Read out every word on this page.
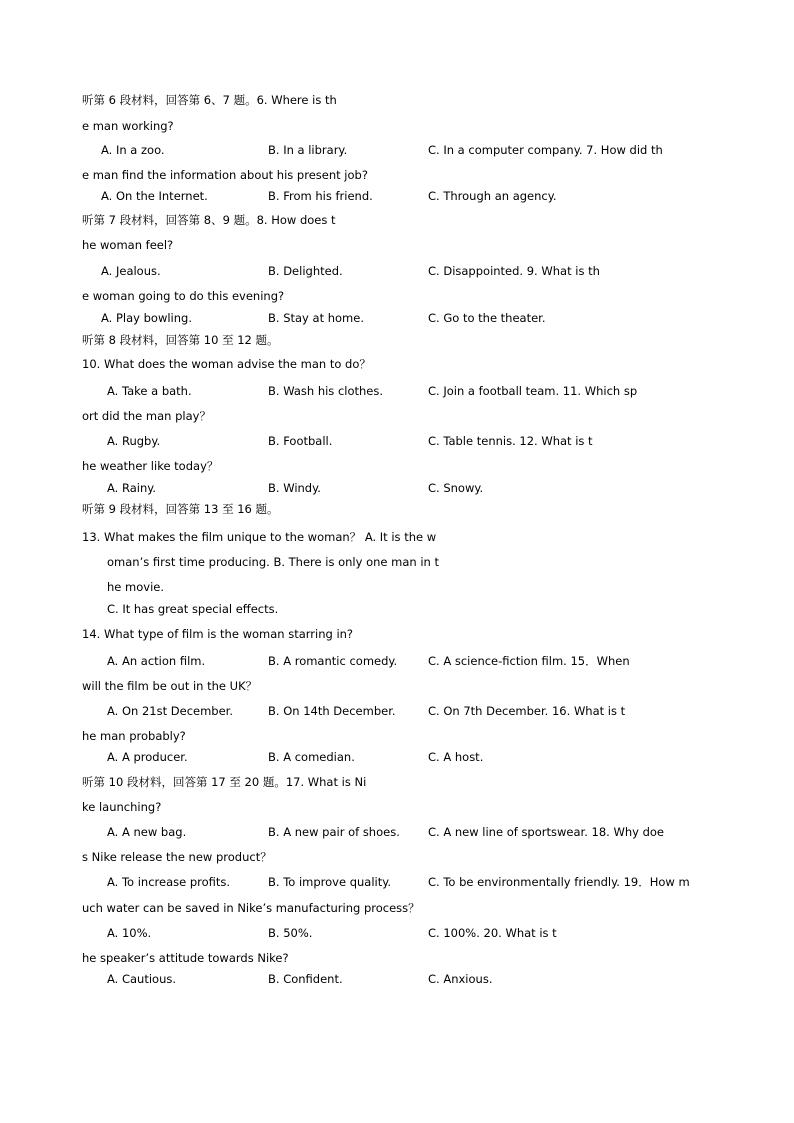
听第 6 段材料，回答第 6、7 题。6. Where is th
e man working?
A. In a zoo.	B. In a library.	C. In a computer company. 7. How did th
e man find the information about his present job?
A. On the Internet.	B. From his friend.	C. Through an agency.
听第 7 段材料，回答第 8、9 题。8. How does t
he woman feel?
A. Jealous.	B. Delighted.	C. Disappointed. 9. What is th
e woman going to do this evening?
A. Play bowling.	B. Stay at home.	C. Go to the theater.
听第 8 段材料，回答第 10 至 12 题。
10. What does the woman advise the man to do？
A. Take a bath.	B. Wash his clothes.	C. Join a football team. 11. Which sp
ort did the man play？
A. Rugby.	B. Football.	C. Table tennis. 12. What is t
he weather like today？
A. Rainy.	B. Windy.	C. Snowy.
听第 9 段材料，回答第 13 至 16 题。
13. What makes the film unique to the woman？ A. It is the w
oman’s first time producing. B. There is only one man in t
he movie.
C. It has great special effects.
14. What type of film is the woman starring in?
A. An action film.	B. A romantic comedy.	C. A science-fiction film. 15．When
will the film be out in the UK？
A. On 21st December.	B. On 14th December.	C. On 7th December. 16. What is t
he man probably?
A. A producer.	B. A comedian.	C. A host.
听第 10 段材料，回答第 17 至 20 题。17. What is Ni
ke launching?
A. A new bag.	B. A new pair of shoes. C. A new line of sportswear. 18. Why doe
s Nike release the new product？
A. To increase profits.	B. To improve quality.	C. To be environmentally friendly. 19．How m
uch water can be saved in Nike’s manufacturing process？
A. 10%.	B. 50%.	C. 100%. 20. What is t
he speaker’s attitude towards Nike?
A. Cautious.	B. Confident.	C. Anxious.
